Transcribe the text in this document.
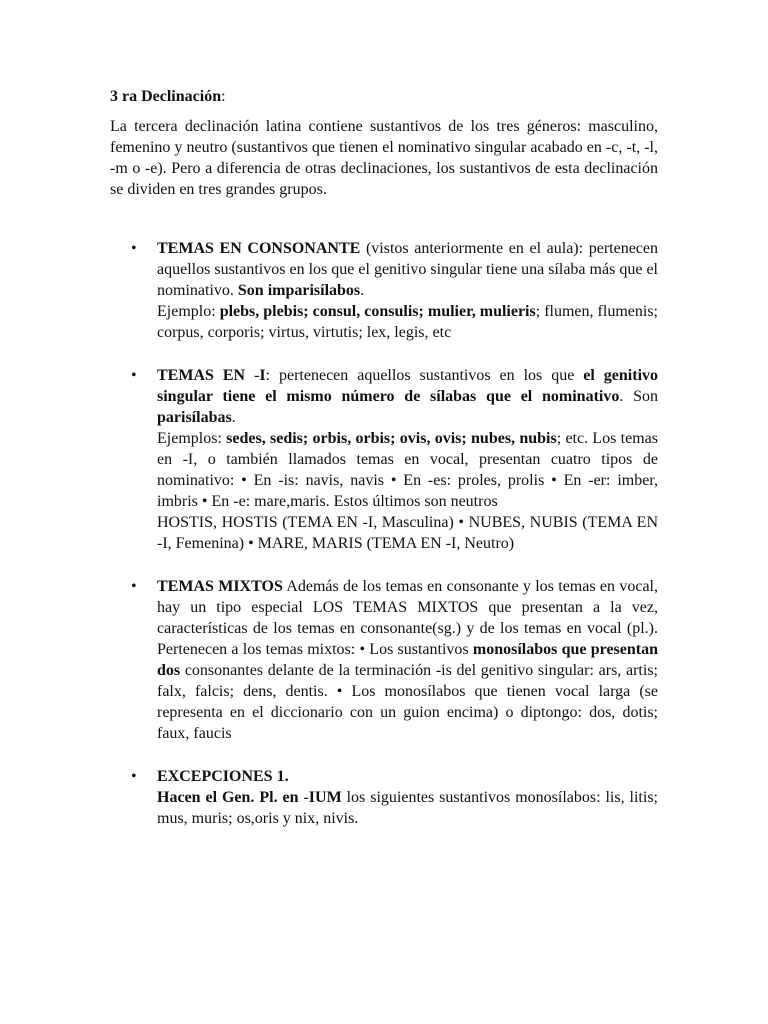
3 ra Declinación:

La tercera declinación latina contiene sustantivos de los tres géneros: masculino, femenino y neutro (sustantivos que tienen el nominativo singular acabado en -c, -t, -l, -m o -e). Pero a diferencia de otras declinaciones, los sustantivos de esta declinación se dividen en tres grandes grupos.

• TEMAS EN CONSONANTE (vistos anteriormente en el aula): pertenecen aquellos sustantivos en los que el genitivo singular tiene una sílaba más que el nominativo. Son imparisílabos.

Ejemplo: plebs, plebis; consul, consulis; mulier, mulieris; flumen, flumenis; corpus, corporis; virtus, virtutis; lex, legis, etc

• TEMAS EN -I: pertenecen aquellos sustantivos en los que el genitivo singular tiene el mismo número de sílabas que el nominativo. Son parisílabas.

Ejemplos: sedes, sedis; orbis, orbis; ovis, ovis; nubes, nubis; etc. Los temas en -I, o también llamados temas en vocal, presentan cuatro tipos de nominativo: • En -is: navis, navis • En -es: proles, prolis • En -er: imber, imbris • En -e: mare,maris. Estos últimos son neutros

HOSTIS, HOSTIS (TEMA EN -I, Masculina) • NUBES, NUBIS (TEMA EN -I, Femenina) • MARE, MARIS (TEMA EN -I, Neutro)

• TEMAS MIXTOS Además de los temas en consonante y los temas en vocal, hay un tipo especial LOS TEMAS MIXTOS que presentan a la vez, características de los temas en consonante(sg.) y de los temas en vocal (pl.). Pertenecen a los temas mixtos: • Los sustantivos monosílabos que presentan dos consonantes delante de la terminación -is del genitivo singular: ars, artis; falx, falcis; dens, dentis. • Los monosílabos que tienen vocal larga (se representa en el diccionario con un guion encima) o diptongo: dos, dotis; faux, faucis

• EXCEPCIONES 1.

Hacen el Gen. Pl. en -IUM los siguientes sustantivos monosílabos: lis, litis; mus, muris; os,oris y nix, nivis.
